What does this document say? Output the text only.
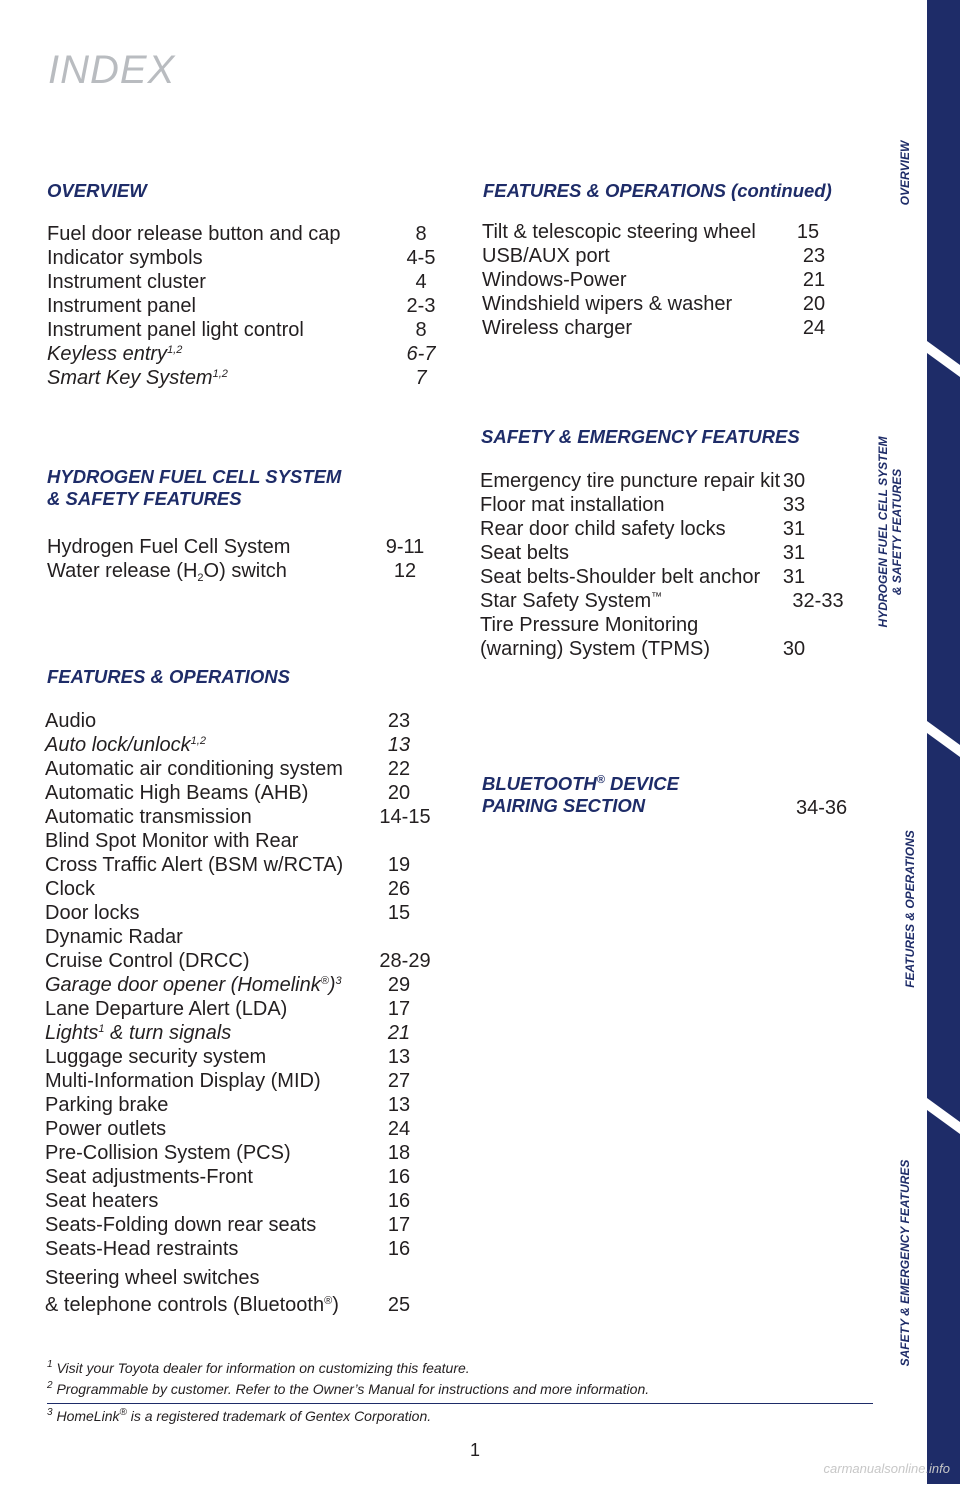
INDEX
OVERVIEW
Fuel door release button and cap	8
Indicator symbols	4-5
Instrument cluster	4
Instrument panel	2-3
Instrument panel light control	8
Keyless entry$^{1,2}$	6-7
Smart Key System$^{1,2}$	7
HYDROGEN FUEL CELL SYSTEM
& SAFETY FEATURES
Hydrogen Fuel Cell System	9-11
Water release $(H_2O)$ switch	12
FEATURES & OPERATIONS
Audio	23
Auto lock/unlock$^{1,2}$	13
Automatic air conditioning system	22
Automatic High Beams (AHB)	20
Automatic transmission	14-15
Blind Spot Monitor with Rear
Cross Traffic Alert (BSM w/RCTA)	19
Clock	26
Door locks	15
Dynamic Radar
Cruise Control (DRCC)	28-29
Garage door opener (Homelink®)$^3$	29
Lane Departure Alert (LDA)	17
Lights$^1$ & turn signals	21
Luggage security system	13
Multi-Information Display (MID)	27
Parking brake	13
Power outlets	24
Pre-Collision System (PCS)	18
Seat adjustments-Front	16
Seat heaters	16
Seats-Folding down rear seats	17
Seats-Head restraints	16
Steering wheel switches
& telephone controls (Bluetooth®)	25
FEATURES & OPERATIONS (continued)
Tilt & telescopic steering wheel	15
USB/AUX port	23
Windows-Power	21
Windshield wipers & washer	20
Wireless charger	24
SAFETY & EMERGENCY FEATURES
Emergency tire puncture repair kit 30
Floor mat installation	33
Rear door child safety locks	31
Seat belts	31
Seat belts-Shoulder belt anchor	31
Star Safety System™	32-33
Tire Pressure Monitoring
(warning) System (TPMS)	30
BLUETOOTH® DEVICE
PAIRING SECTION	34-36
$^1$ Visit your Toyota dealer for information on customizing this feature.
$^2$ Programmable by customer. Refer to the Owner’s Manual for instructions and more information.
$^3$ HomeLink® is a registered trademark of Gentex Corporation.
1
OVERVIEW
HYDROGEN FUEL CELL SYSTEM
& SAFETY FEATURES
FEATURES & OPERATIONS
SAFETY & EMERGENCY FEATURES
carmanualsonline.info
